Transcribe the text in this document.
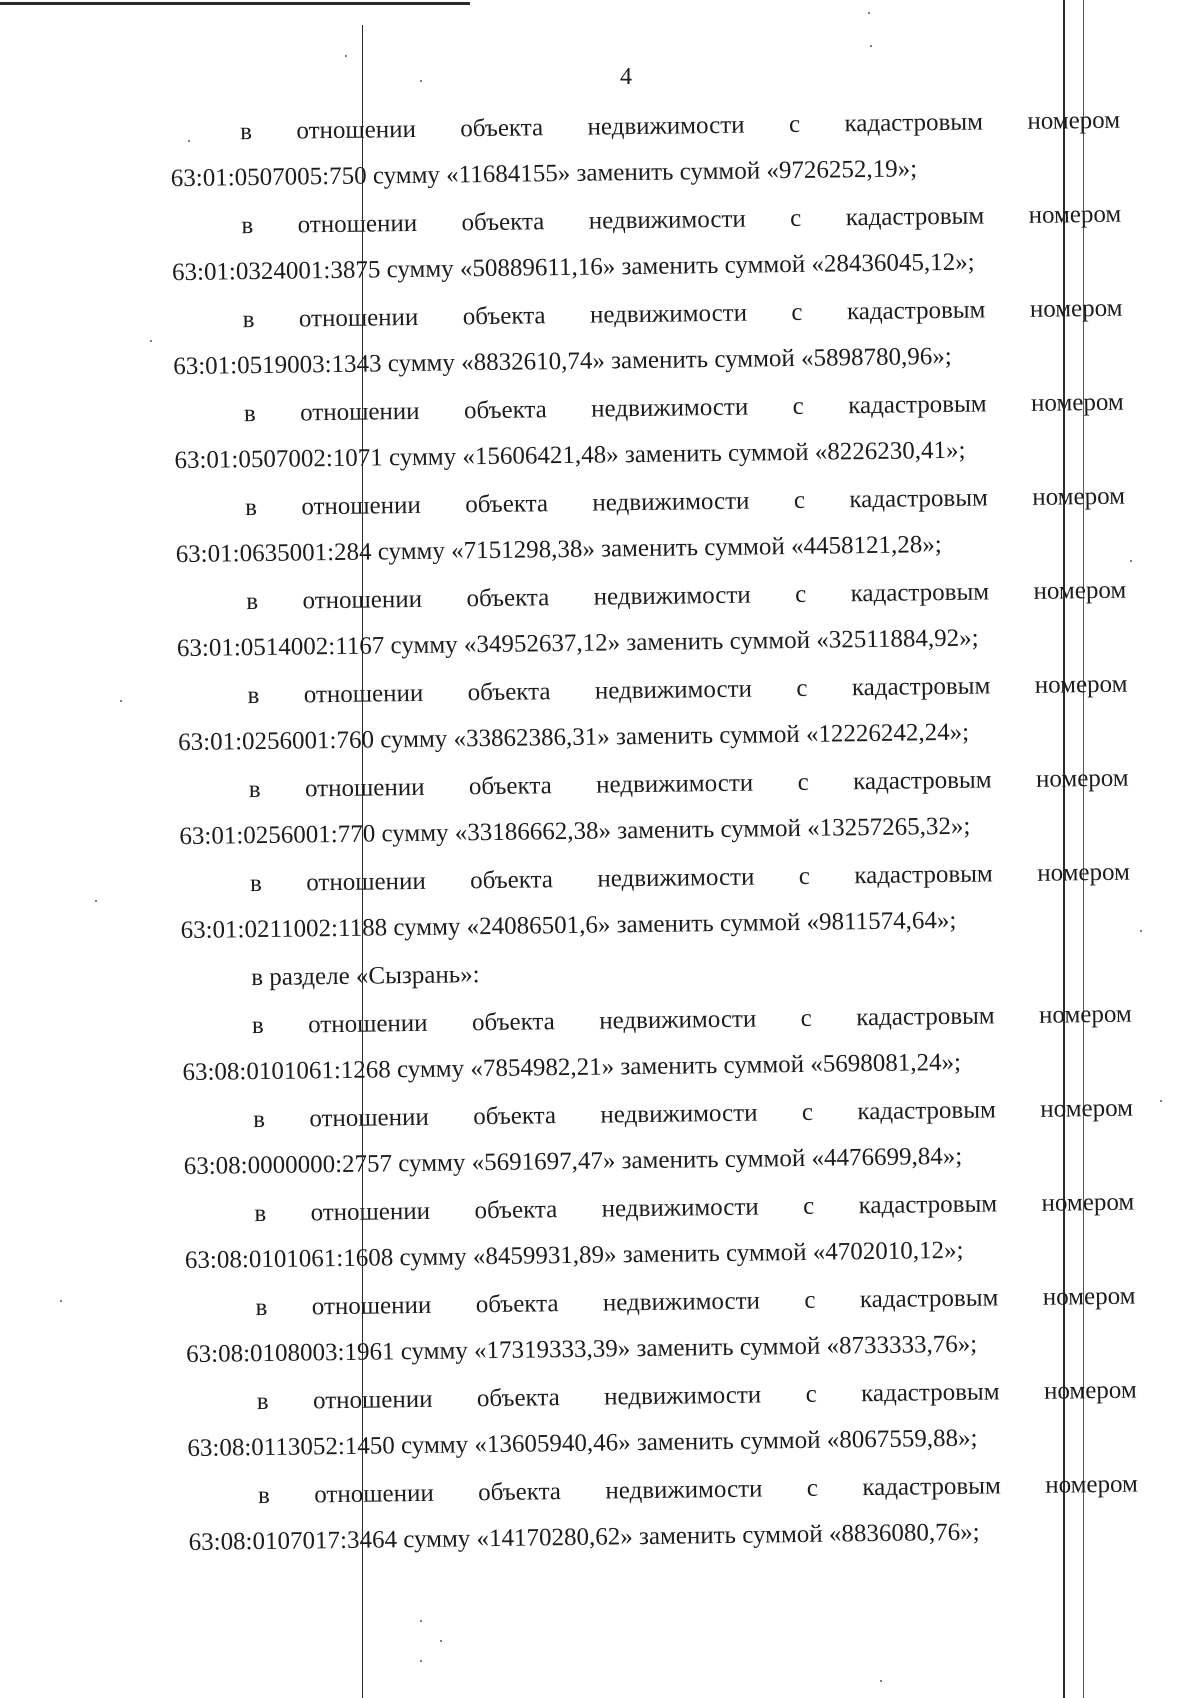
4
в отношении объекта недвижимости с кадастровым номером
63:01:0507005:750 сумму «11684155» заменить суммой «9726252,19»;
в отношении объекта недвижимости с кадастровым номером
63:01:0324001:3875 сумму «50889611,16» заменить суммой «28436045,12»;
в отношении объекта недвижимости с кадастровым номером
63:01:0519003:1343 сумму «8832610,74» заменить суммой «5898780,96»;
в отношении объекта недвижимости с кадастровым номером
63:01:0507002:1071 сумму «15606421,48» заменить суммой «8226230,41»;
в отношении объекта недвижимости с кадастровым номером
63:01:0635001:284 сумму «7151298,38» заменить суммой «4458121,28»;
в отношении объекта недвижимости с кадастровым номером
63:01:0514002:1167 сумму «34952637,12» заменить суммой «32511884,92»;
в отношении объекта недвижимости с кадастровым номером
63:01:0256001:760 сумму «33862386,31» заменить суммой «12226242,24»;
в отношении объекта недвижимости с кадастровым номером
63:01:0256001:770 сумму «33186662,38» заменить суммой «13257265,32»;
в отношении объекта недвижимости с кадастровым номером
63:01:0211002:1188 сумму «24086501,6» заменить суммой «9811574,64»;
в разделе «Сызрань»:
в отношении объекта недвижимости с кадастровым номером
63:08:0101061:1268 сумму «7854982,21» заменить суммой «5698081,24»;
в отношении объекта недвижимости с кадастровым номером
63:08:0000000:2757 сумму «5691697,47» заменить суммой «4476699,84»;
в отношении объекта недвижимости с кадастровым номером
63:08:0101061:1608 сумму «8459931,89» заменить суммой «4702010,12»;
в отношении объекта недвижимости с кадастровым номером
63:08:0108003:1961 сумму «17319333,39» заменить суммой «8733333,76»;
в отношении объекта недвижимости с кадастровым номером
63:08:0113052:1450 сумму «13605940,46» заменить суммой «8067559,88»;
в отношении объекта недвижимости с кадастровым номером
63:08:0107017:3464 сумму «14170280,62» заменить суммой «8836080,76»;
